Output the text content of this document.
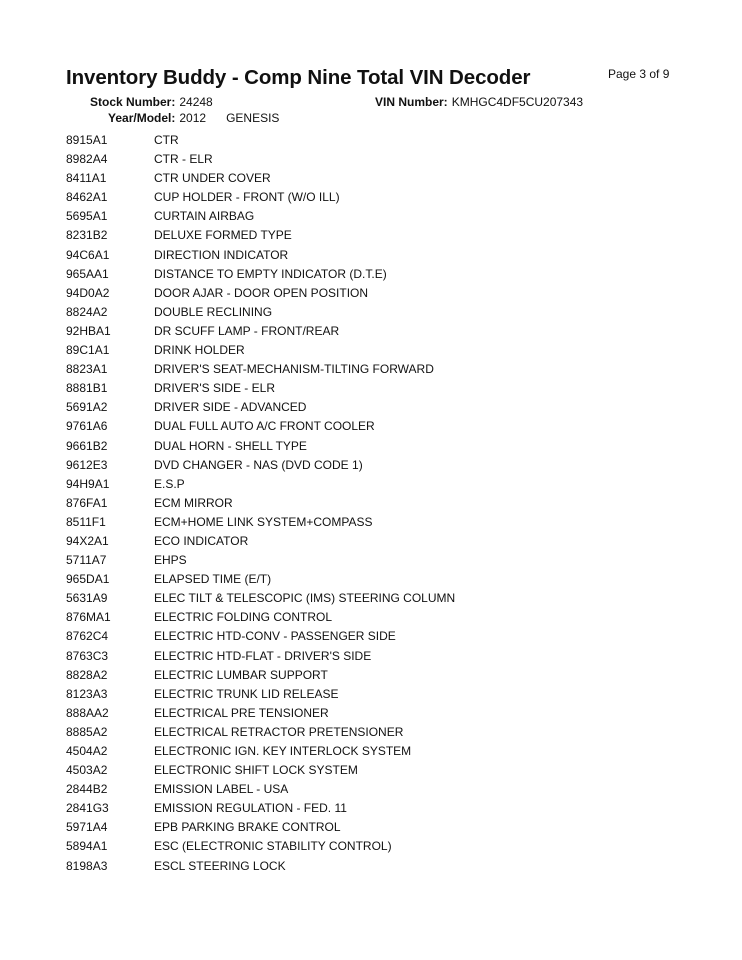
Inventory Buddy - Comp Nine Total VIN Decoder	Page 3 of 9
Stock Number: 24248	VIN Number: KMHGC4DF5CU207343
Year/Model: 2012 GENESIS
8915A1	CTR
8982A4	CTR - ELR
8411A1	CTR UNDER COVER
8462A1	CUP HOLDER - FRONT (W/O ILL)
5695A1	CURTAIN AIRBAG
8231B2	DELUXE FORMED TYPE
94C6A1	DIRECTION INDICATOR
965AA1	DISTANCE TO EMPTY INDICATOR (D.T.E)
94D0A2	DOOR AJAR - DOOR OPEN POSITION
8824A2	DOUBLE RECLINING
92HBA1	DR SCUFF LAMP - FRONT/REAR
89C1A1	DRINK HOLDER
8823A1	DRIVER'S SEAT-MECHANISM-TILTING FORWARD
8881B1	DRIVER'S SIDE - ELR
5691A2	DRIVER SIDE - ADVANCED
9761A6	DUAL FULL AUTO A/C FRONT COOLER
9661B2	DUAL HORN - SHELL TYPE
9612E3	DVD CHANGER - NAS (DVD CODE 1)
94H9A1	E.S.P
876FA1	ECM MIRROR
8511F1	ECM+HOME LINK SYSTEM+COMPASS
94X2A1	ECO INDICATOR
5711A7	EHPS
965DA1	ELAPSED TIME (E/T)
5631A9	ELEC TILT & TELESCOPIC (IMS) STEERING COLUMN
876MA1	ELECTRIC FOLDING CONTROL
8762C4	ELECTRIC HTD-CONV - PASSENGER SIDE
8763C3	ELECTRIC HTD-FLAT - DRIVER'S SIDE
8828A2	ELECTRIC LUMBAR SUPPORT
8123A3	ELECTRIC TRUNK LID RELEASE
888AA2	ELECTRICAL PRE TENSIONER
8885A2	ELECTRICAL RETRACTOR PRETENSIONER
4504A2	ELECTRONIC IGN. KEY INTERLOCK SYSTEM
4503A2	ELECTRONIC SHIFT LOCK SYSTEM
2844B2	EMISSION LABEL - USA
2841G3	EMISSION REGULATION - FED. 11
5971A4	EPB PARKING BRAKE CONTROL
5894A1	ESC (ELECTRONIC STABILITY CONTROL)
8198A3	ESCL STEERING LOCK
